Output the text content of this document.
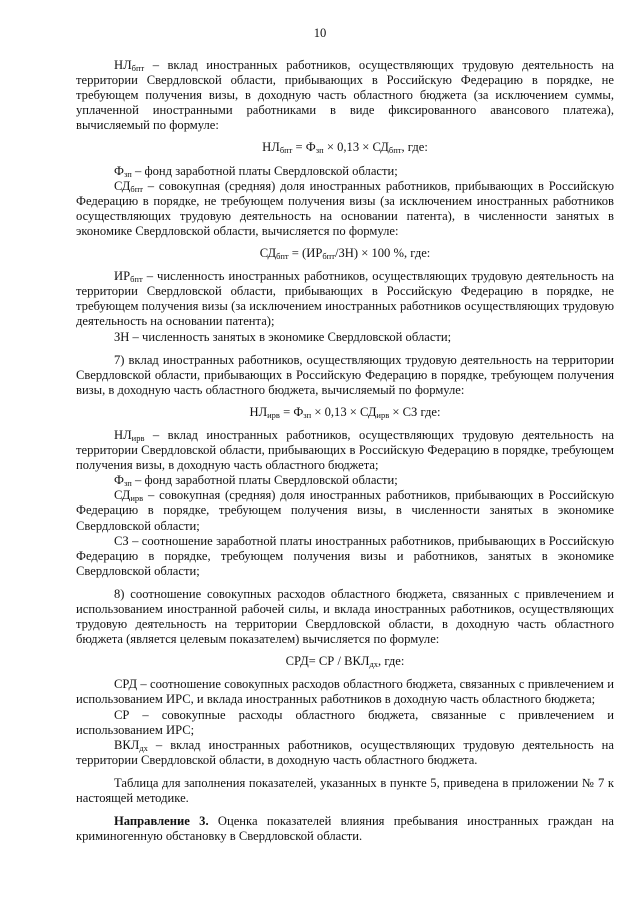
10

$НЛ_{бпт}$ – вклад иностранных работников, осуществляющих трудовую деятельность на территории Свердловской области, прибывающих в Российскую Федерацию в порядке, не требующем получения визы, в доходную часть областного бюджета (за исключением суммы, уплаченной иностранными работниками в виде фиксированного авансового платежа), вычисляемый по формуле:

$НЛ_{бпт} = Ф_{зп} \times 0,13 \times СД_{бпт}$, где:

$Ф_{зп}$ – фонд заработной платы Свердловской области;

$СД_{бпт}$ – совокупная (средняя) доля иностранных работников, прибывающих в Российскую Федерацию в порядке, не требующем получения визы (за исключением иностранных работников осуществляющих трудовую деятельность на основании патента), в численности занятых в экономике Свердловской области, вычисляется по формуле:

$СД_{бпт} = (ИР_{бпт}/ЗН) \times 100$ %, где:

$ИР_{бпт}$ – численность иностранных работников, осуществляющих трудовую деятельность на территории Свердловской области, прибывающих в Российскую Федерацию в порядке, не требующем получения визы (за исключением иностранных работников осуществляющих трудовую деятельность на основании патента);

ЗН – численность занятых в экономике Свердловской области;

7) вклад иностранных работников, осуществляющих трудовую деятельность на территории Свердловской области, прибывающих в Российскую Федерацию в порядке, требующем получения визы, в доходную часть областного бюджета, вычисляемый по формуле:

$НЛ_{ирв} = Ф_{зп} \times 0,13 \times СД_{ирв}$ × СЗ где:

$НЛ_{ирв}$ – вклад иностранных работников, осуществляющих трудовую деятельность на территории Свердловской области, прибывающих в Российскую Федерацию в порядке, требующем получения визы, в доходную часть областного бюджета;

$Ф_{зп}$ – фонд заработной платы Свердловской области;

$СД_{ирв}$ – совокупная (средняя) доля иностранных работников, прибывающих в Российскую Федерацию в порядке, требующем получения визы, в численности занятых в экономике Свердловской области;

СЗ – соотношение заработной платы иностранных работников, прибывающих в Российскую Федерацию в порядке, требующем получения визы и работников, занятых в экономике Свердловской области;

8) соотношение совокупных расходов областного бюджета, связанных с привлечением и использованием иностранной рабочей силы, и вклада иностранных работников, осуществляющих трудовую деятельность на территории Свердловской области, в доходную часть областного бюджета (является целевым показателем) вычисляется по формуле:

СРД= СР / $ВКЛ_{дх}$, где:

СРД – соотношение совокупных расходов областного бюджета, связанных с привлечением и использованием ИРС, и вклада иностранных работников в доходную часть областного бюджета;

СР – совокупные расходы областного бюджета, связанные с привлечением и использованием ИРС;

$ВКЛ_{дх}$ – вклад иностранных работников, осуществляющих трудовую деятельность на территории Свердловской области, в доходную часть областного бюджета.

Таблица для заполнения показателей, указанных в пункте 5, приведена в приложении № 7 к настоящей методике.

Направление 3. Оценка показателей влияния пребывания иностранных граждан на криминогенную обстановку в Свердловской области.
